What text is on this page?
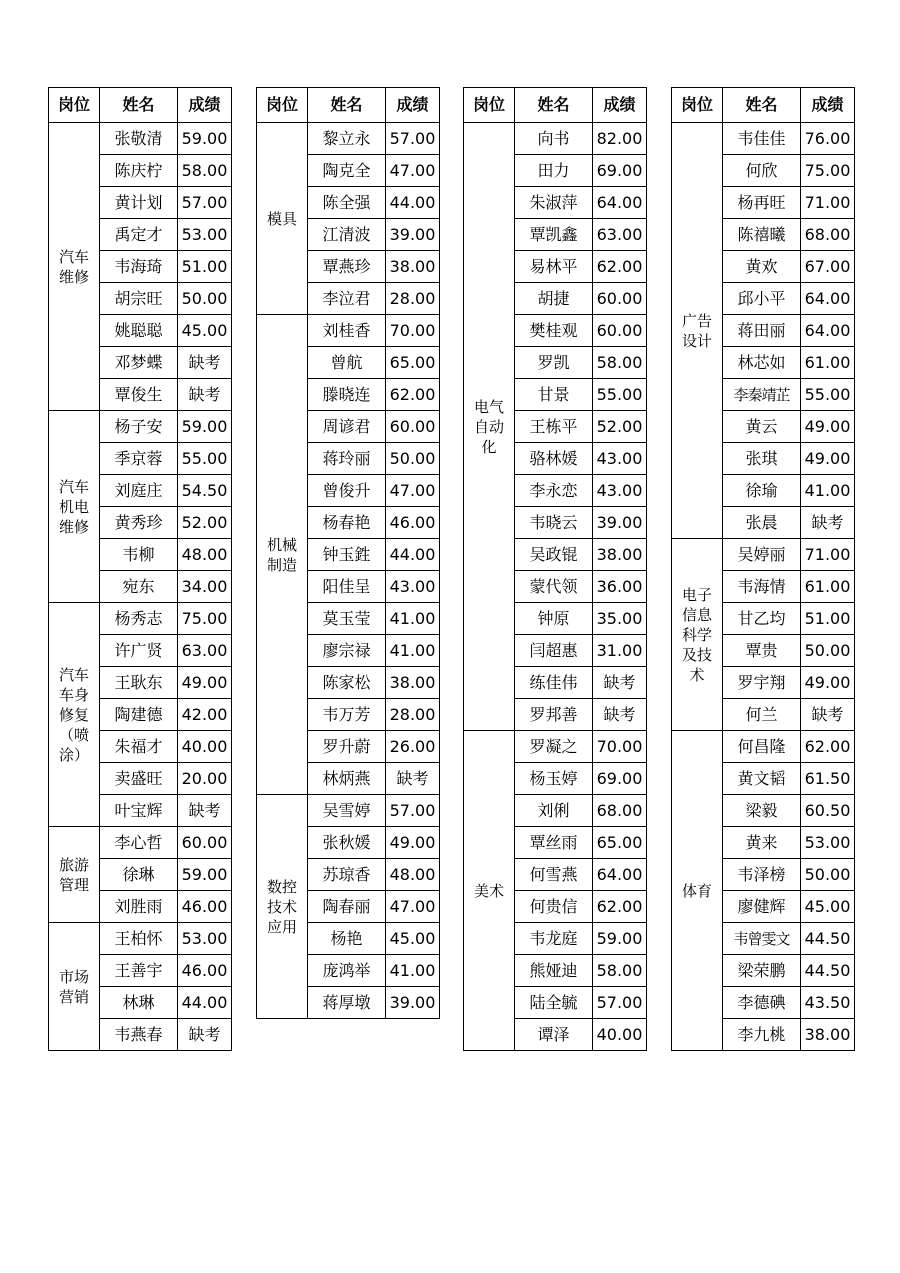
岗位	姓名	成绩
汽车维修	张敬清	59.00
	陈庆柠	58.00
	黄计划	57.00
	禹定才	53.00
	韦海琦	51.00
	胡宗旺	50.00
	姚聪聪	45.00
	邓梦蝶	缺考
	覃俊生	缺考
汽车机电维修	杨子安	59.00
	季京蓉	55.00
	刘庭庄	54.50
	黄秀珍	52.00
	韦柳	48.00
	宛东	34.00
汽车车身修复（喷涂）	杨秀志	75.00
	许广贤	63.00
	王耿东	49.00
	陶建德	42.00
	朱福才	40.00
	卖盛旺	20.00
	叶宝辉	缺考
旅游管理	李心哲	60.00
	徐琳	59.00
	刘胜雨	46.00
市场营销	王柏怀	53.00
	王善宇	46.00
	林琳	44.00
	韦燕春	缺考
岗位	姓名	成绩
模具	黎立永	57.00
	陶克全	47.00
	陈全强	44.00
	江清波	39.00
	覃燕珍	38.00
	李泣君	28.00
机械制造	刘桂香	70.00
	曾航	65.00
	滕晓连	62.00
	周谚君	60.00
	蒋玲丽	50.00
	曾俊升	47.00
	杨春艳	46.00
	钟玉鉎	44.00
	阳佳呈	43.00
	莫玉莹	41.00
	廖宗禄	41.00
	陈家松	38.00
	韦万芳	28.00
	罗升蔚	26.00
	林炳燕	缺考
数控技术应用	吴雪婷	57.00
	张秋媛	49.00
	苏琼香	48.00
	陶春丽	47.00
	杨艳	45.00
	庞鸿举	41.00
	蒋厚墩	39.00
岗位	姓名	成绩
电气自动化	向书	82.00
	田力	69.00
	朱淑萍	64.00
	覃凯鑫	63.00
	易林平	62.00
	胡捷	60.00
	樊桂观	60.00
	罗凯	58.00
	甘景	55.00
	王栋平	52.00
	骆林媛	43.00
	李永恋	43.00
	韦晓云	39.00
	吴政锟	38.00
	蒙代领	36.00
	钟原	35.00
	闫超惠	31.00
	练佳伟	缺考
	罗邦善	缺考
美术	罗凝之	70.00
	杨玉婷	69.00
	刘俐	68.00
	覃丝雨	65.00
	何雪燕	64.00
	何贵信	62.00
	韦龙庭	59.00
	熊娅迪	58.00
	陆全毓	57.00
	谭泽	40.00
岗位	姓名	成绩
广告设计	韦佳佳	76.00
	何欣	75.00
	杨再旺	71.00
	陈禧曦	68.00
	黄欢	67.00
	邱小平	64.00
	蒋田丽	64.00
	林芯如	61.00
	李秦靖芷	55.00
	黄云	49.00
	张琪	49.00
	徐瑜	41.00
	张晨	缺考
电子信息科学及技术	吴婷丽	71.00
	韦海情	61.00
	甘乙均	51.00
	覃贵	50.00
	罗宇翔	49.00
	何兰	缺考
体育	何昌隆	62.00
	黄文韬	61.50
	梁毅	60.50
	黄来	53.00
	韦泽榜	50.00
	廖健辉	45.00
	韦曾雯文	44.50
	梁荣鹏	44.50
	李德碘	43.50
	李九桃	38.00
